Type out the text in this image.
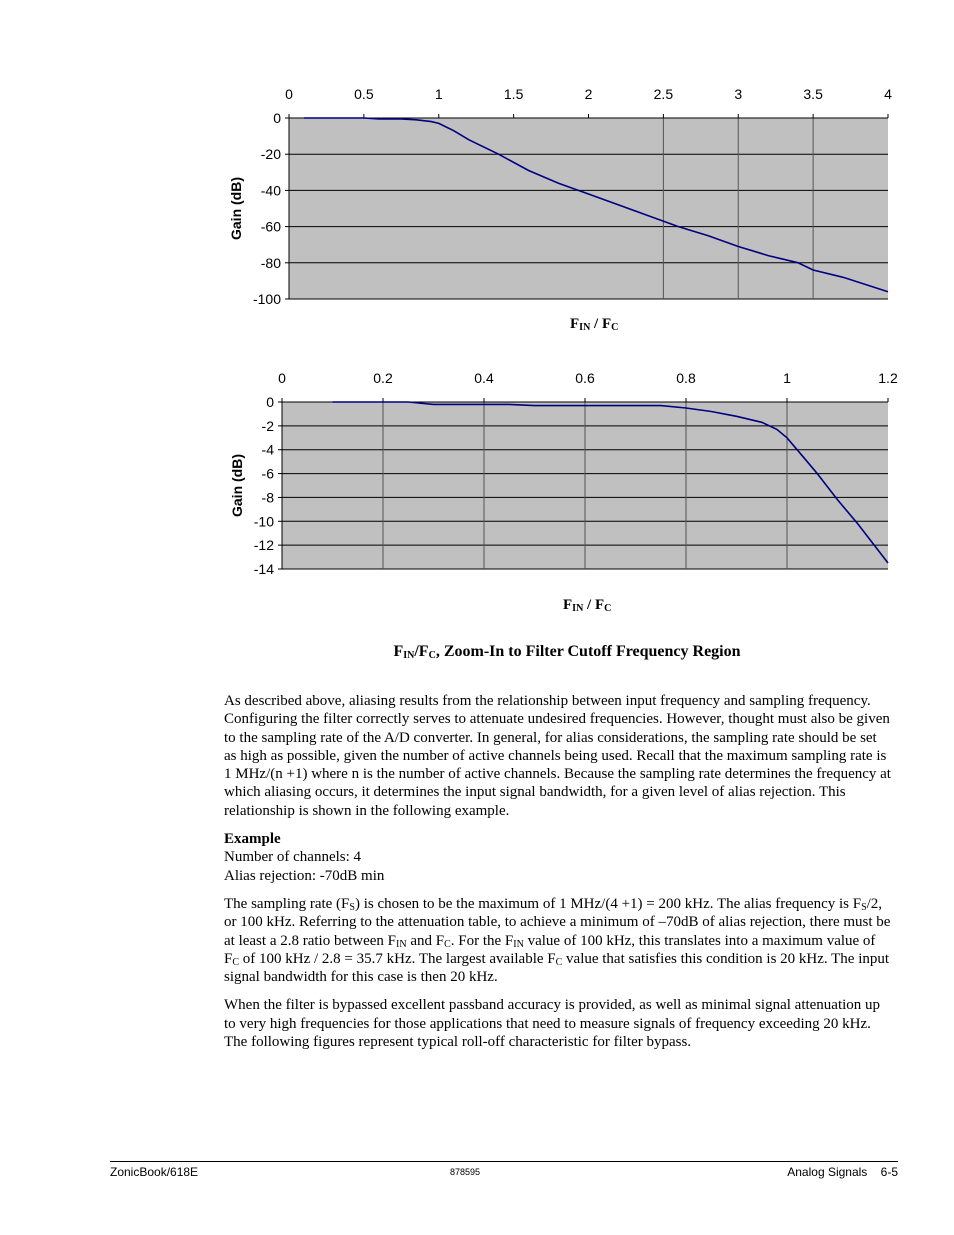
0
-20
-40
-60
-80
-100
0	0.5	1	1.5	2	2.5	3	3.5	4
Gain (dB)
$F_{IN} / F_C$
0
-2
-4
-6
-8
-10
-12
-14
0	0.2	0.4	0.6	0.8	1	1.2
Gain (dB)
$F_{IN} / F_C$
$F_{IN}/F_C$, Zoom-In to Filter Cutoff Frequency Region

As described above, aliasing results from the relationship between input frequency and sampling frequency. Configuring the filter correctly serves to attenuate undesired frequencies. However, thought must also be given to the sampling rate of the A/D converter. In general, for alias considerations, the sampling rate should be set as high as possible, given the number of active channels being used. Recall that the maximum sampling rate is 1 MHz/(n +1) where n is the number of active channels. Because the sampling rate determines the frequency at which aliasing occurs, it determines the input signal bandwidth, for a given level of alias rejection. This relationship is shown in the following example.

Example

Number of channels: 4

Alias rejection: -70dB min

The sampling rate $(F_S)$ is chosen to be the maximum of 1 MHz/(4 +1) = 200 kHz. The alias frequency is $F_S/2$, or 100 kHz. Referring to the attenuation table, to achieve a minimum of –70dB of alias rejection, there must be at least a 2.8 ratio between $F_{IN}$ and $F_C$. For the $F_{IN}$ value of 100 kHz, this translates into a maximum value of $F_C$ of 100 kHz / 2.8 = 35.7 kHz. The largest available $F_C$ value that satisfies this condition is 20 kHz. The input signal bandwidth for this case is then 20 kHz.

When the filter is bypassed excellent passband accuracy is provided, as well as minimal signal attenuation up to very high frequencies for those applications that need to measure signals of frequency exceeding 20 kHz. The following figures represent typical roll-off characteristic for filter bypass.

ZonicBook/618E	878595	Analog Signals    6-5
